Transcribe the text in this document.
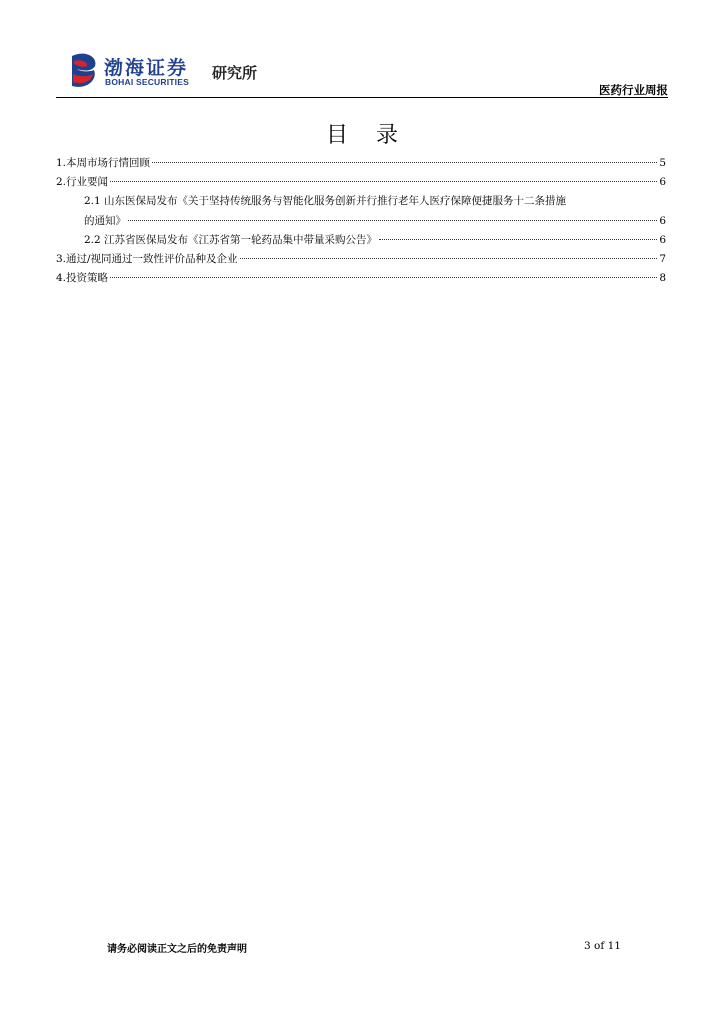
渤海证券
BOHAI SECURITIES 研究所
医药行业周报
目录
1.本周市场行情回顾	5
2.行业要闻	6
2.1 山东医保局发布《关于坚持传统服务与智能化服务创新并行推行老年人医疗保障便捷服务十二条措施
的通知》	6
2.2 江苏省医保局发布《江苏省第一轮药品集中带量采购公告》	6
3.通过/视同通过一致性评价品种及企业	7
4.投资策略	8
请务必阅读正文之后的免责声明	3 of 11
